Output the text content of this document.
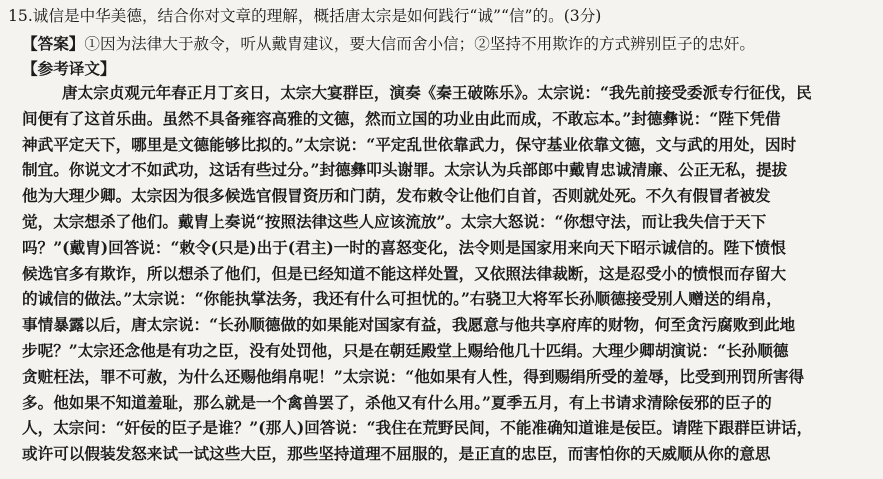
15.诚信是中华美德，结合你对文章的理解，概括唐太宗是如何践行“诚”“信”的。(3分)
【答案】①因为法律大于赦令，听从戴胄建议，要大信而舍小信；②坚持不用欺诈的方式辨别臣子的忠奸。
【参考译文】
唐太宗贞观元年春正月丁亥日，太宗大宴群臣，演奏《秦王破陈乐》。太宗说：“我先前接受委派专行征伐，民
间便有了这首乐曲。虽然不具备雍容高雅的文德，然而立国的功业由此而成，不敢忘本。”封德彝说：“陛下凭借
神武平定天下，哪里是文德能够比拟的。”太宗说：“平定乱世依靠武力，保守基业依靠文德，文与武的用处，因时
制宜。你说文才不如武功，这话有些过分。”封德彝叩头谢罪。太宗认为兵部郎中戴胄忠诚清廉、公正无私，提拔
他为大理少卿。太宗因为很多候选官假冒资历和门荫，发布敕令让他们自首，否则就处死。不久有假冒者被发
觉，太宗想杀了他们。戴胄上奏说“按照法律这些人应该流放”。太宗大怒说：“你想守法，而让我失信于天下
吗？”(戴胄)回答说：“敕令(只是)出于(君主)一时的喜怒变化，法令则是国家用来向天下昭示诚信的。陛下愤恨
候选官多有欺诈，所以想杀了他们，但是已经知道不能这样处置，又依照法律裁断，这是忍受小的愤恨而存留大
的诚信的做法。”太宗说：“你能执掌法务，我还有什么可担忧的。”右骁卫大将军长孙顺德接受别人赠送的绢帛，
事情暴露以后，唐太宗说：“长孙顺德做的如果能对国家有益，我愿意与他共享府库的财物，何至贪污腐败到此地
步呢？”太宗还念他是有功之臣，没有处罚他，只是在朝廷殿堂上赐给他几十匹绢。大理少卿胡演说：“长孙顺德
贪赃枉法，罪不可赦，为什么还赐他绢帛呢！”太宗说：“他如果有人性，得到赐绢所受的羞辱，比受到刑罚所害得
多。他如果不知道羞耻，那么就是一个禽兽罢了，杀他又有什么用。”夏季五月，有上书请求清除佞邪的臣子的
人，太宗问：“奸佞的臣子是谁？”(那人)回答说：“我住在荒野民间，不能准确知道谁是佞臣。请陛下跟群臣讲话，
或许可以假装发怒来试一试这些大臣，那些坚持道理不屈服的，是正直的忠臣，而害怕你的天威顺从你的意思
